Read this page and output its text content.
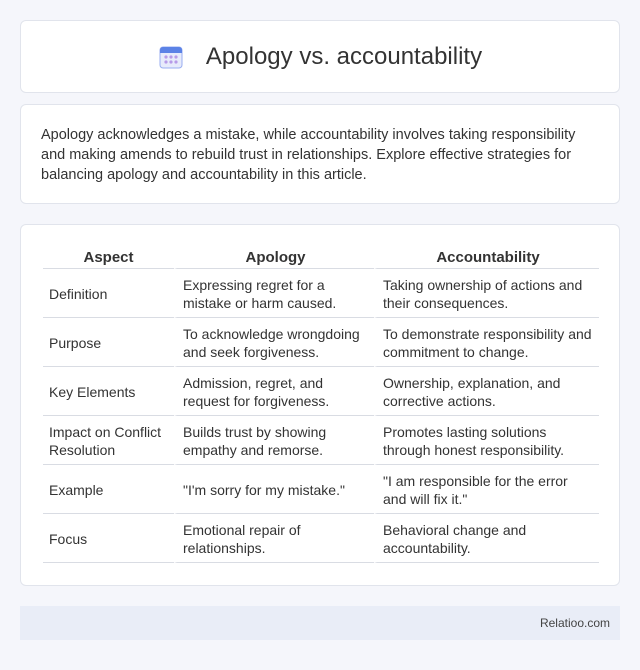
Apology vs. accountability

Apology acknowledges a mistake, while accountability involves taking responsibility and making amends to rebuild trust in relationships. Explore effective strategies for balancing apology and accountability in this article.

Aspect	Apology	Accountability
Definition	Expressing regret for a mistake or harm caused.	Taking ownership of actions and their consequences.
Purpose	To acknowledge wrongdoing and seek forgiveness.	To demonstrate responsibility and commitment to change.
Key Elements	Admission, regret, and request for forgiveness.	Ownership, explanation, and corrective actions.
Impact on Conflict Resolution	Builds trust by showing empathy and remorse.	Promotes lasting solutions through honest responsibility.
Example	"I'm sorry for my mistake."	"I am responsible for the error and will fix it."
Focus	Emotional repair of relationships.	Behavioral change and accountability.
Relatioo.com
